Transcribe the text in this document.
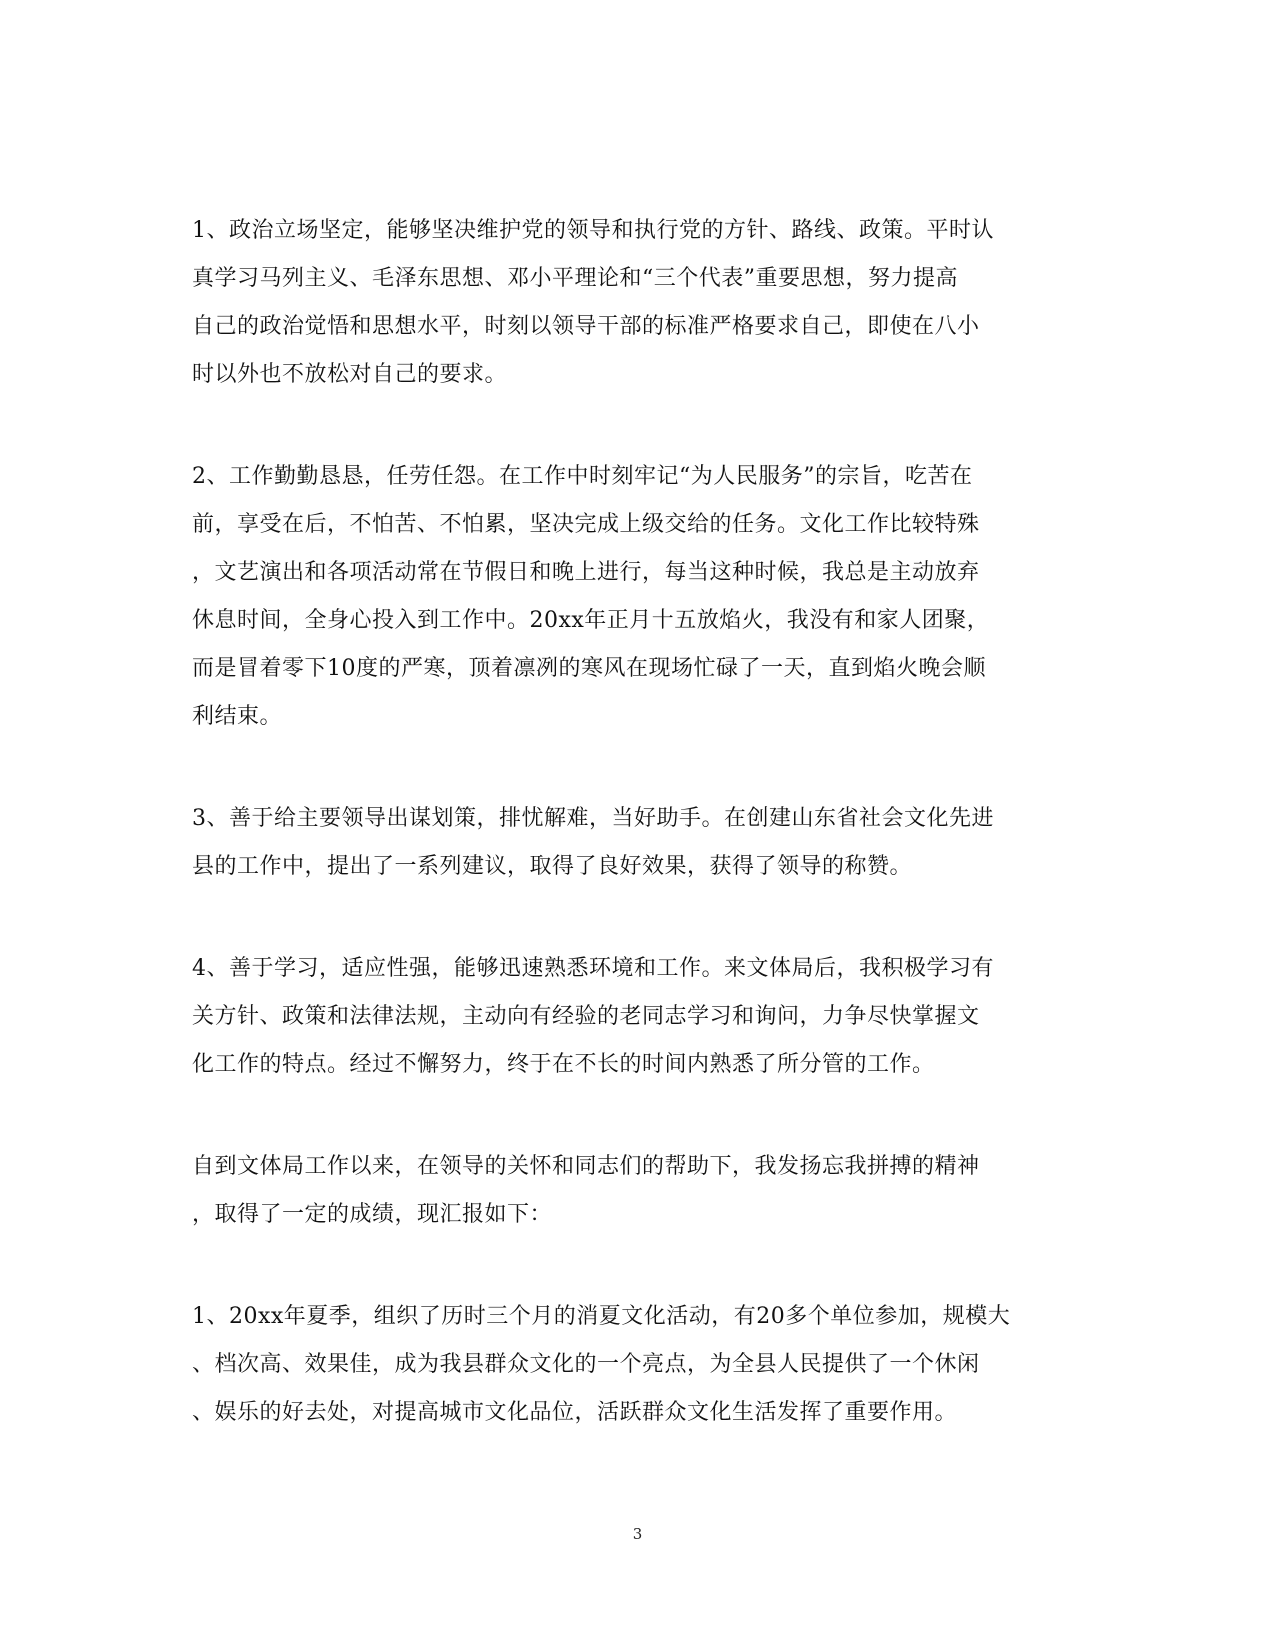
1、政治立场坚定，能够坚决维护党的领导和执行党的方针、路线、政策。平时认
真学习马列主义、毛泽东思想、邓小平理论和“三个代表”重要思想，努力提高
自己的政治觉悟和思想水平，时刻以领导干部的标准严格要求自己，即使在八小
时以外也不放松对自己的要求。
2、工作勤勤恳恳，任劳任怨。在工作中时刻牢记“为人民服务”的宗旨，吃苦在
前，享受在后，不怕苦、不怕累，坚决完成上级交给的任务。文化工作比较特殊
，文艺演出和各项活动常在节假日和晚上进行，每当这种时候，我总是主动放弃
休息时间，全身心投入到工作中。20xx年正月十五放焰火，我没有和家人团聚，
而是冒着零下10度的严寒，顶着凛冽的寒风在现场忙碌了一天，直到焰火晚会顺
利结束。
3、善于给主要领导出谋划策，排忧解难，当好助手。在创建山东省社会文化先进
县的工作中，提出了一系列建议，取得了良好效果，获得了领导的称赞。
4、善于学习，适应性强，能够迅速熟悉环境和工作。来文体局后，我积极学习有
关方针、政策和法律法规，主动向有经验的老同志学习和询问，力争尽快掌握文
化工作的特点。经过不懈努力，终于在不长的时间内熟悉了所分管的工作。
自到文体局工作以来，在领导的关怀和同志们的帮助下，我发扬忘我拼搏的精神
，取得了一定的成绩，现汇报如下：
1、20xx年夏季，组织了历时三个月的消夏文化活动，有20多个单位参加，规模大
、档次高、效果佳，成为我县群众文化的一个亮点，为全县人民提供了一个休闲
、娱乐的好去处，对提高城市文化品位，活跃群众文化生活发挥了重要作用。
3
